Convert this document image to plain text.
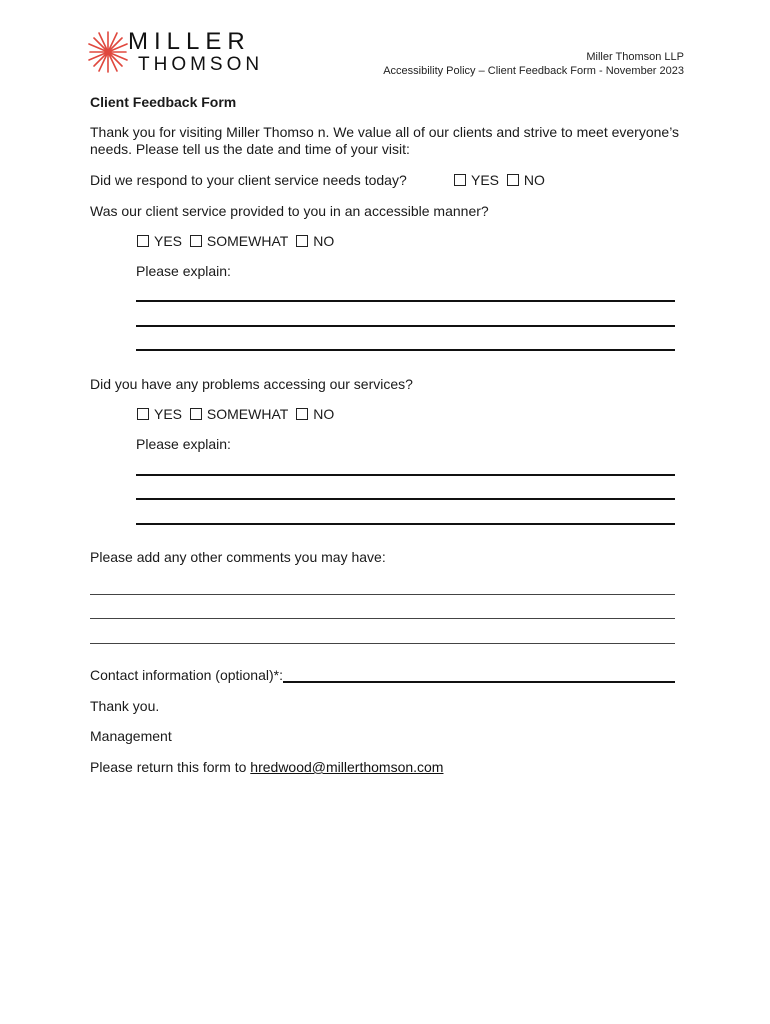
MILLER
THOMSON	Miller Thomson LLP
Accessibility Policy – Client Feedback Form - November 2023
Client Feedback Form
Thank you for visiting Miller Thomso n. We value all of our clients and strive to meet everyone’s
needs. Please tell us the date and time of your visit:
Did we respond to your client service needs today?	YES NO
Was our client service provided to you in an accessible manner?
YES SOMEWHAT NO
Please explain:
Did you have any problems accessing our services?
YES SOMEWHAT NO
Please explain:
Please add any other comments you may have:
Contact information (optional)*:
Thank you.
Management
Please return this form to hredwood@millerthomson.com
